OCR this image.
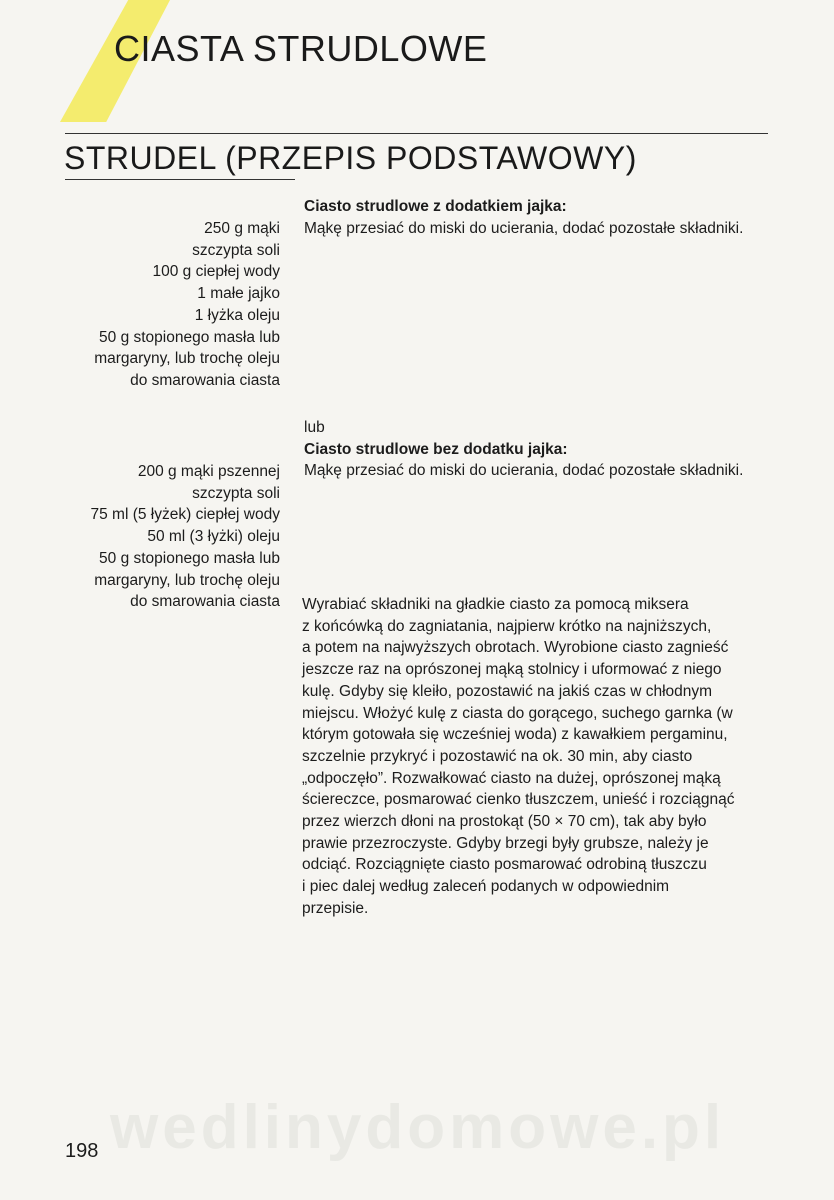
CIASTA STRUDLOWE
STRUDEL (PRZEPIS PODSTAWOWY)
Ciasto strudlowe z dodatkiem jajka:
Mąkę przesiać do miski do ucierania, dodać pozostałe składniki.
250 g mąki
szczypta soli
100 g ciepłej wody
1 małe jajko
1 łyżka oleju
50 g stopionego masła lub
margaryny, lub trochę oleju
do smarowania ciasta
lub
Ciasto strudlowe bez dodatku jajka:
Mąkę przesiać do miski do ucierania, dodać pozostałe składniki.
200 g mąki pszennej
szczypta soli
75 ml (5 łyżek) ciepłej wody
50 ml (3 łyżki) oleju
50 g stopionego masła lub
margaryny, lub trochę oleju
do smarowania ciasta Wyrabiać składniki na gładkie ciasto za pomocą miksera
z końcówką do zagniatania, najpierw krótko na najniższych,
a potem na najwyższych obrotach. Wyrobione ciasto zagnieść
jeszcze raz na oprószonej mąką stolnicy i uformować z niego
kulę. Gdyby się kleiło, pozostawić na jakiś czas w chłodnym
miejscu. Włożyć kulę z ciasta do gorącego, suchego garnka (w
którym gotowała się wcześniej woda) z kawałkiem pergaminu,
szczelnie przykryć i pozostawić na ok. 30 min, aby ciasto
„odpoczęło”. Rozwałkować ciasto na dużej, oprószonej mąką
ściereczce, posmarować cienko tłuszczem, unieść i rozciągnąć
przez wierzch dłoni na prostokąt (50 × 70 cm), tak aby było
prawie przezroczyste. Gdyby brzegi były grubsze, należy je
odciąć. Rozciągnięte ciasto posmarować odrobiną tłuszczu
i piec dalej według zaleceń podanych w odpowiednim
przepisie.
wedlinydomowe.pl
198
